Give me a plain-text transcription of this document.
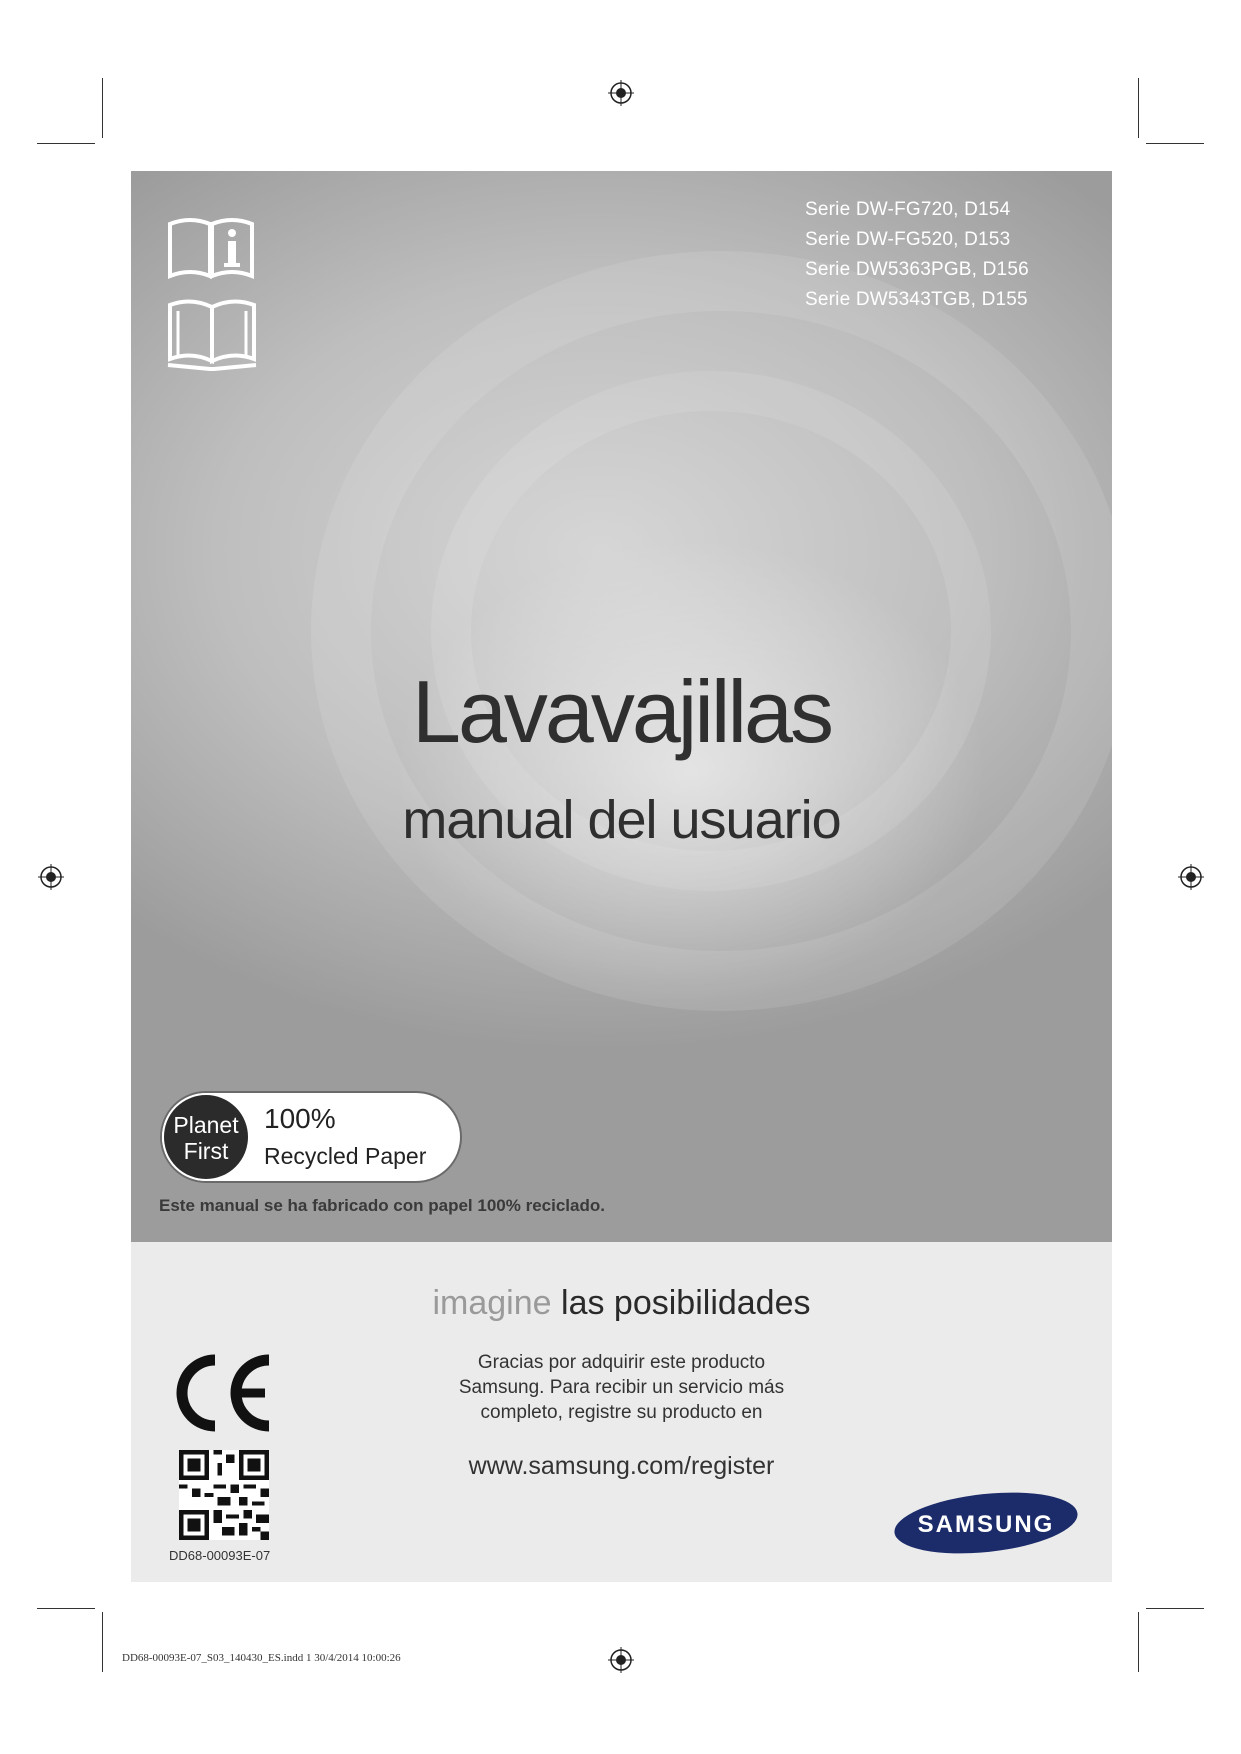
Serie DW-FG720, D154
Serie DW-FG520, D153
Serie DW5363PGB, D156
Serie DW5343TGB, D155
Lavavajillas
manual del usuario
Planet
First
100%
Recycled Paper
Este manual se ha fabricado con papel 100% reciclado.
imagine las posibilidades
Gracias por adquirir este producto
Samsung. Para recibir un servicio más
completo, registre su producto en
www.samsung.com/register
DD68-00093E-07
SAMSUNG
DD68-00093E-07_S03_140430_ES.indd 1 30/4/2014 10:00:26
